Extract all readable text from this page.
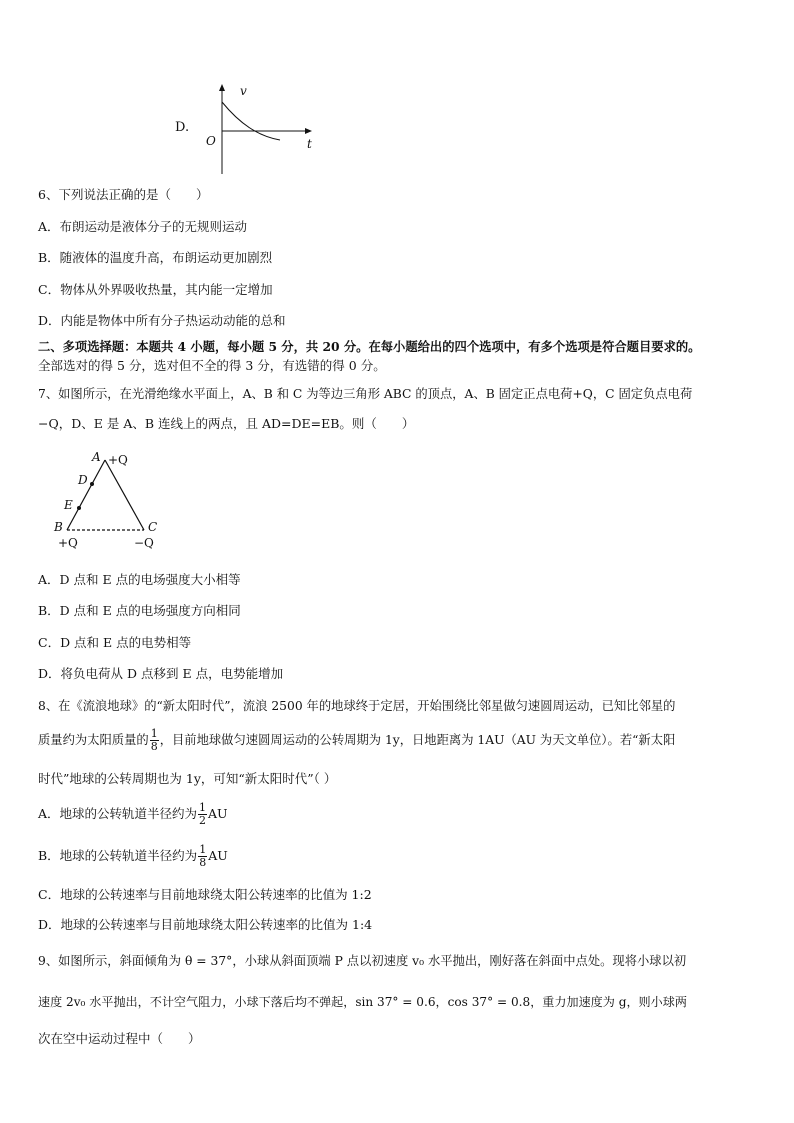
D.
v
t
O
6、下列说法正确的是（　　）
A．布朗运动是液体分子的无规则运动
B．随液体的温度升高，布朗运动更加剧烈
C．物体从外界吸收热量，其内能一定增加
D．内能是物体中所有分子热运动动能的总和
二、多项选择题：本题共 4 小题，每小题 5 分，共 20 分。在每小题给出的四个选项中，有多个选项是符合题目要求的。
全部选对的得 5 分，选对但不全的得 3 分，有选错的得 0 分。
7、如图所示，在光滑绝缘水平面上，A、B 和 C 为等边三角形 ABC 的顶点，A、B 固定正点电荷+Q，C 固定负点电荷
−Q，D、E 是 A、B 连线上的两点，且 AD=DE=EB。则（　　）
A +Q
D
E
B
+Q
C
−Q
A．D 点和 E 点的电场强度大小相等
B．D 点和 E 点的电场强度方向相同
C．D 点和 E 点的电势相等
D．将负电荷从 D 点移到 E 点，电势能增加
8、在《流浪地球》的“新太阳时代”，流浪 2500 年的地球终于定居，开始围绕比邻星做匀速圆周运动，已知比邻星的
质量约为太阳质量的 $\frac{1}{8}$ ，目前地球做匀速圆周运动的公转周期为 1y，日地距离为 1AU（AU 为天文单位）。若“新太阳
时代”地球的公转周期也为 1y，可知“新太阳时代”（ ）
A．地球的公转轨道半径约为 $\frac{1}{2}$ AU
B．地球的公转轨道半径约为 $\frac{1}{8}$ AU
C．地球的公转速率与目前地球绕太阳公转速率的比值为 1:2
D．地球的公转速率与目前地球绕太阳公转速率的比值为 1:4
9、如图所示，斜面倾角为 θ = 37°，小球从斜面顶端 P 点以初速度 v₀ 水平抛出，刚好落在斜面中点处。现将小球以初
速度 2v₀ 水平抛出，不计空气阻力，小球下落后均不弹起，sin 37° = 0.6，cos 37° = 0.8，重力加速度为 g，则小球两
次在空中运动过程中（　　）
